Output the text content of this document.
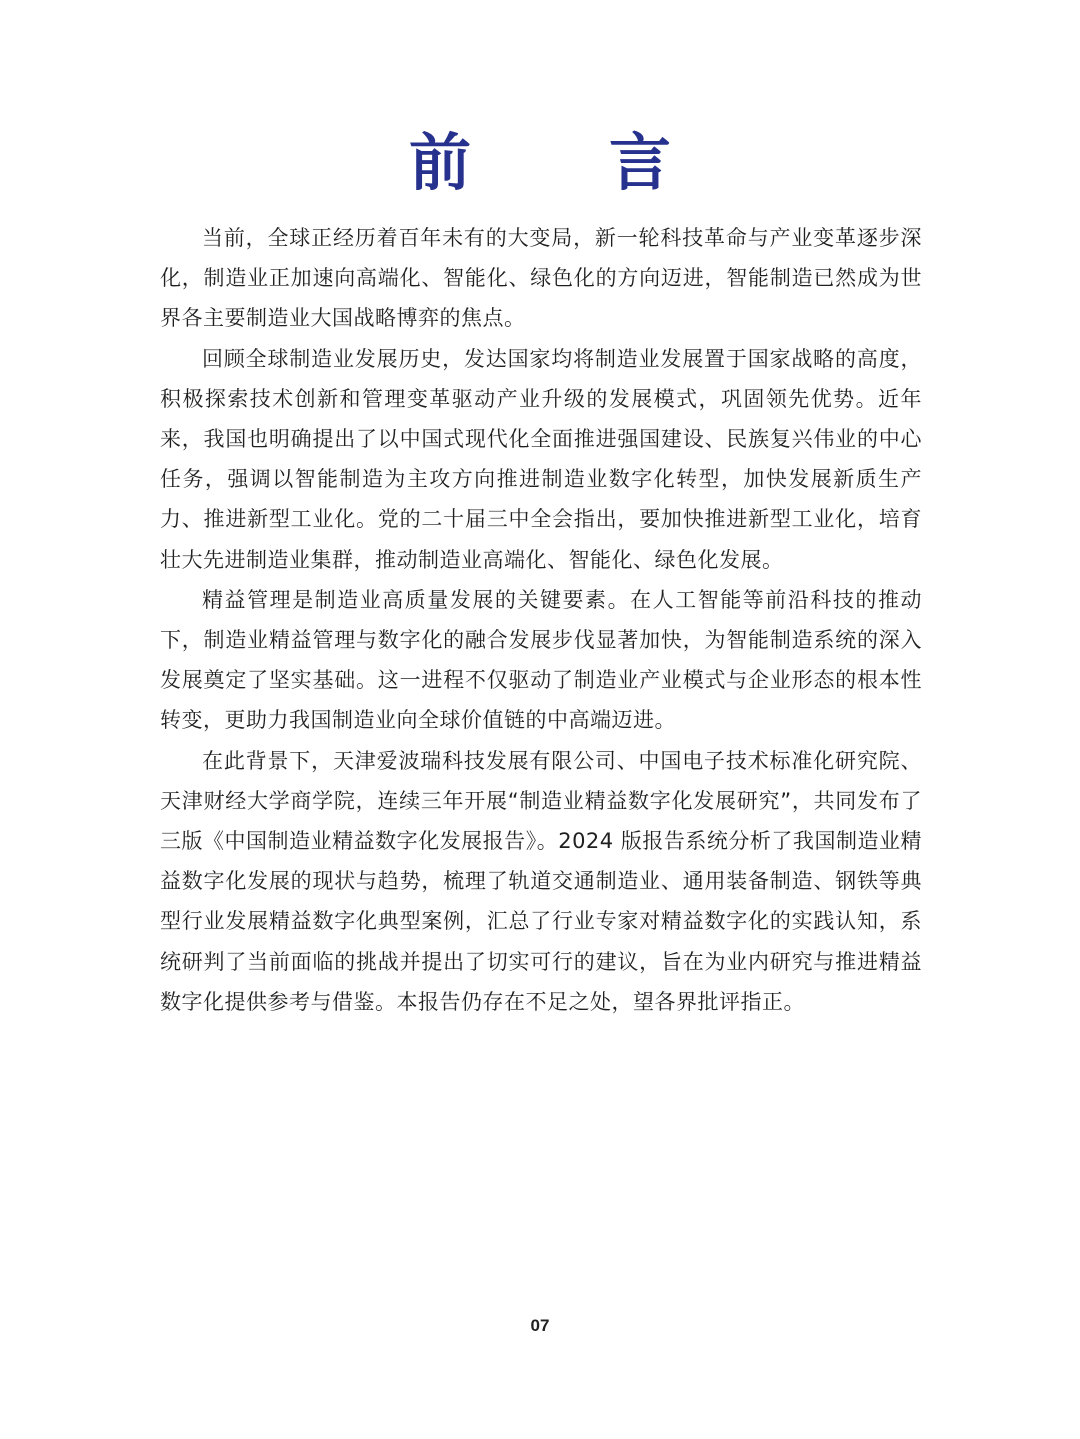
前　言

当前，全球正经历着百年未有的大变局，新一轮科技革命与产业变革逐步深化，制造业正加速向高端化、智能化、绿色化的方向迈进，智能制造已然成为世界各主要制造业大国战略博弈的焦点。

回顾全球制造业发展历史，发达国家均将制造业发展置于国家战略的高度，积极探索技术创新和管理变革驱动产业升级的发展模式，巩固领先优势。近年来，我国也明确提出了以中国式现代化全面推进强国建设、民族复兴伟业的中心任务，强调以智能制造为主攻方向推进制造业数字化转型，加快发展新质生产力、推进新型工业化。党的二十届三中全会指出，要加快推进新型工业化，培育壮大先进制造业集群，推动制造业高端化、智能化、绿色化发展。

精益管理是制造业高质量发展的关键要素。在人工智能等前沿科技的推动下，制造业精益管理与数字化的融合发展步伐显著加快，为智能制造系统的深入发展奠定了坚实基础。这一进程不仅驱动了制造业产业模式与企业形态的根本性转变，更助力我国制造业向全球价值链的中高端迈进。

在此背景下，天津爱波瑞科技发展有限公司、中国电子技术标准化研究院、天津财经大学商学院，连续三年开展“制造业精益数字化发展研究”，共同发布了三版《中国制造业精益数字化发展报告》。2024 版报告系统分析了我国制造业精益数字化发展的现状与趋势，梳理了轨道交通制造业、通用装备制造、钢铁等典型行业发展精益数字化典型案例，汇总了行业专家对精益数字化的实践认知，系统研判了当前面临的挑战并提出了切实可行的建议，旨在为业内研究与推进精益数字化提供参考与借鉴。本报告仍存在不足之处，望各界批评指正。

07
